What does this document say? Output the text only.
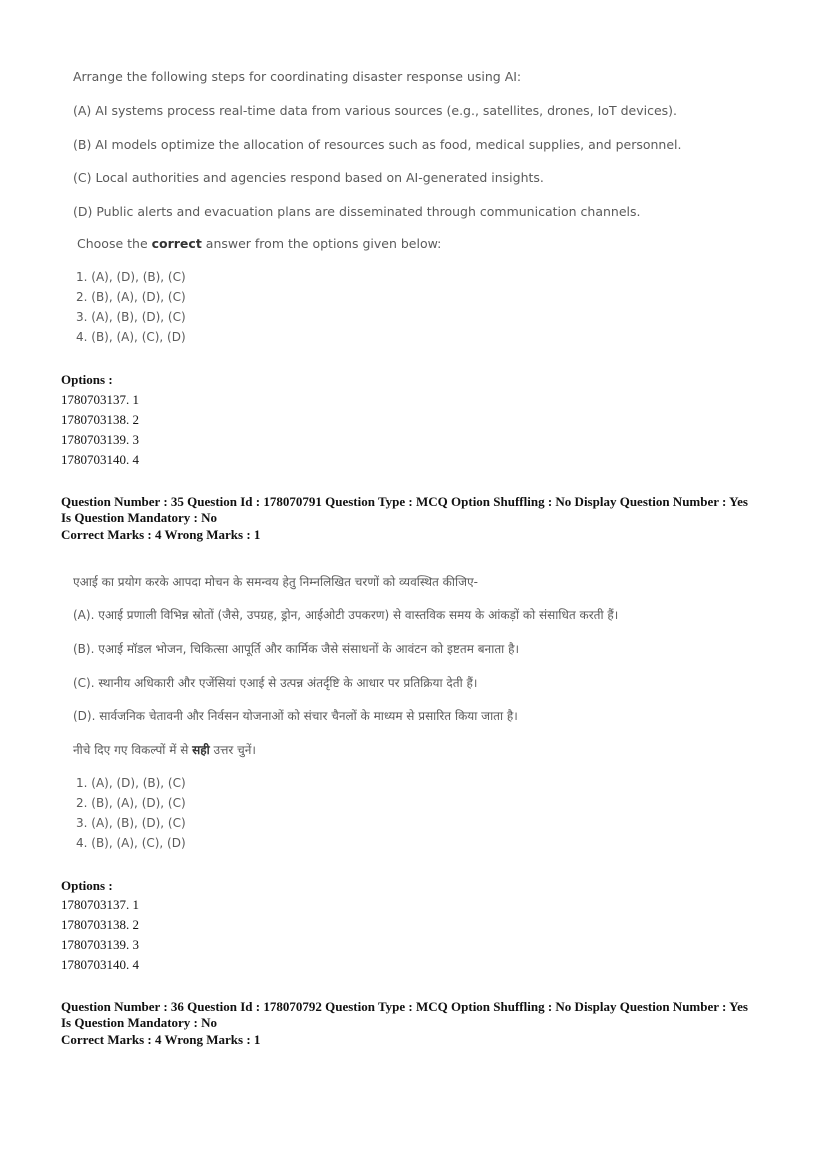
Arrange the following steps for coordinating disaster response using AI:
(A) AI systems process real-time data from various sources (e.g., satellites, drones, IoT devices).
(B) AI models optimize the allocation of resources such as food, medical supplies, and personnel.
(C) Local authorities and agencies respond based on AI-generated insights.
(D) Public alerts and evacuation plans are disseminated through communication channels.
Choose the correct answer from the options given below:
1. (A), (D), (B), (C)
2. (B), (A), (D), (C)
3. (A), (B), (D), (C)
4. (B), (A), (C), (D)
Options :
1780703137. 1
1780703138. 2
1780703139. 3
1780703140. 4
Question Number : 35 Question Id : 178070791 Question Type : MCQ Option Shuffling : No Display Question Number : Yes
Is Question Mandatory : No
Correct Marks : 4 Wrong Marks : 1
एआई का प्रयोग करके आपदा मोचन के समन्वय हेतु निम्नलिखित चरणों को व्यवस्थित कीजिए-
(A). एआई प्रणाली विभिन्न स्रोतों (जैसे, उपग्रह, ड्रोन, आईओटी उपकरण) से वास्तविक समय के आंकड़ों को संसाधित करती हैं।
(B). एआई मॉडल भोजन, चिकित्सा आपूर्ति और कार्मिक जैसे संसाधनों के आवंटन को इष्टतम बनाता है।
(C). स्थानीय अधिकारी और एजेंसियां एआई से उत्पन्न अंतर्दृष्टि के आधार पर प्रतिक्रिया देती हैं।
(D). सार्वजनिक चेतावनी और निर्वसन योजनाओं को संचार चैनलों के माध्यम से प्रसारित किया जाता है।
नीचे दिए गए विकल्पों में से सही उत्तर चुनें।
1. (A), (D), (B), (C)
2. (B), (A), (D), (C)
3. (A), (B), (D), (C)
4. (B), (A), (C), (D)
Options :
1780703137. 1
1780703138. 2
1780703139. 3
1780703140. 4
Question Number : 36 Question Id : 178070792 Question Type : MCQ Option Shuffling : No Display Question Number : Yes
Is Question Mandatory : No
Correct Marks : 4 Wrong Marks : 1
